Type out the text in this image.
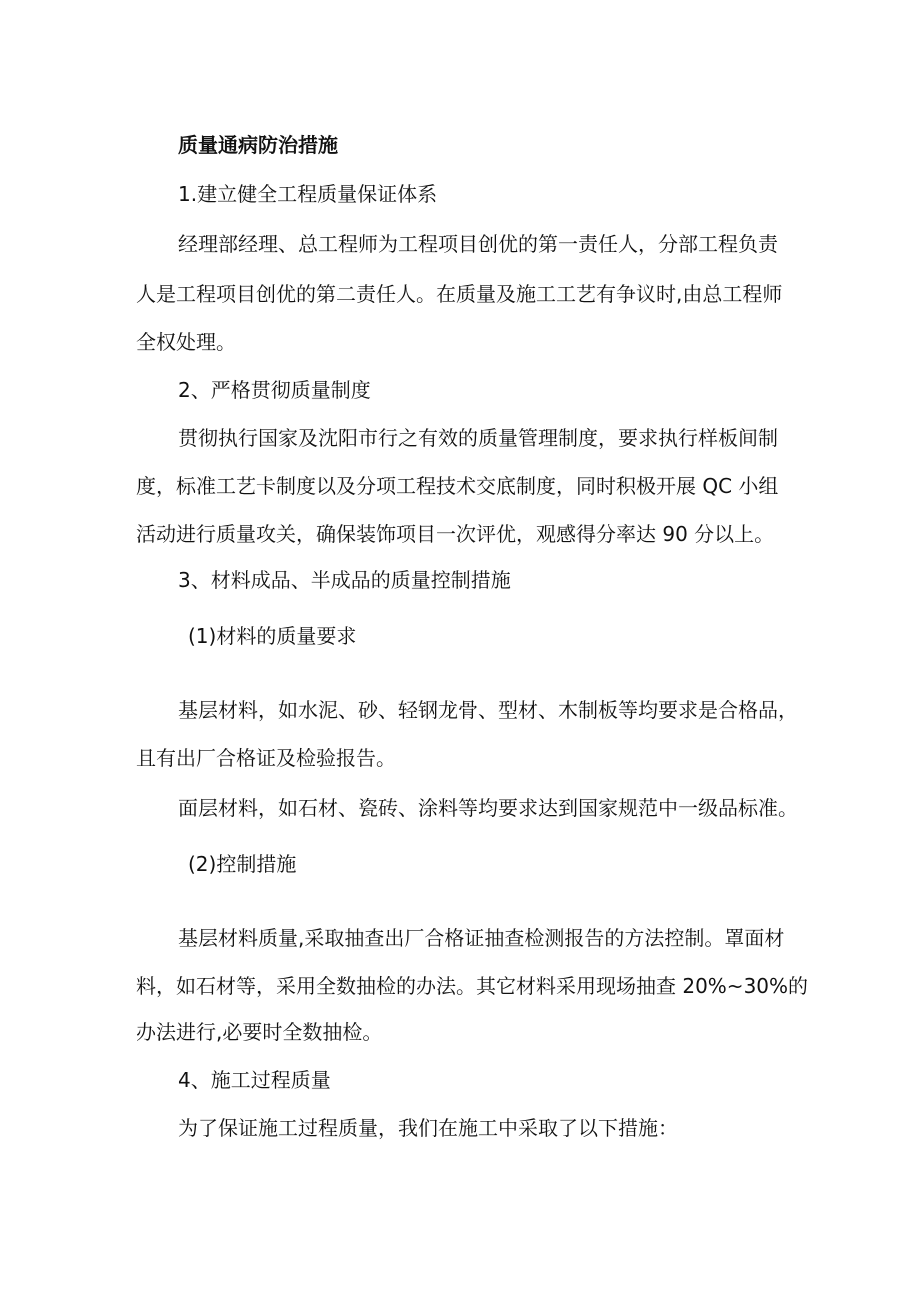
质量通病防治措施
1.建立健全工程质量保证体系
经理部经理、总工程师为工程项目创优的第一责任人，分部工程负责
人是工程项目创优的第二责任人。在质量及施工工艺有争议时,由总工程师
全权处理。
2、严格贯彻质量制度
贯彻执行国家及沈阳市行之有效的质量管理制度，要求执行样板间制
度，标准工艺卡制度以及分项工程技术交底制度，同时积极开展 QC 小组
活动进行质量攻关，确保装饰项目一次评优，观感得分率达 90 分以上。
3、材料成品、半成品的质量控制措施
(1)材料的质量要求
基层材料，如水泥、砂、轻钢龙骨、型材、木制板等均要求是合格品，
且有出厂合格证及检验报告。
面层材料，如石材、瓷砖、涂料等均要求达到国家规范中一级品标准。
(2)控制措施
基层材料质量,采取抽查出厂合格证抽查检测报告的方法控制。罩面材
料，如石材等，采用全数抽检的办法。其它材料采用现场抽查 20%~30%的
办法进行,必要时全数抽检。
4、施工过程质量
为了保证施工过程质量，我们在施工中采取了以下措施：
